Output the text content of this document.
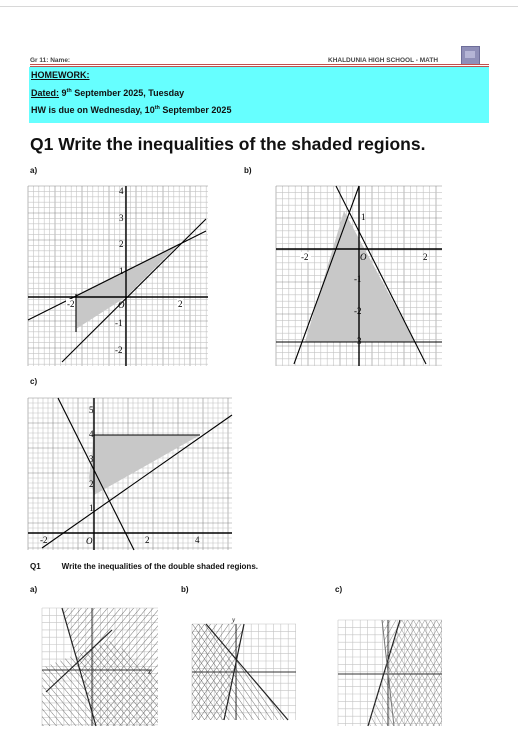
Gr 11: Name:	KHALDUNIA HIGH SCHOOL - MATH
HOMEWORK:
Dated: 9th September 2025, Tuesday
HW is due on Wednesday, 10th September 2025
Q1 Write the inequalities of the shaded regions.
a)	b)
c)
-2	2
4
3
2
1
-1
-2
O
-2	2
1
-1
-2
-3
O
-2	2	4
5
4
3
2
1
O
Q1	Write the inequalities of the double shaded regions.
a)	b)	c)
x
y
